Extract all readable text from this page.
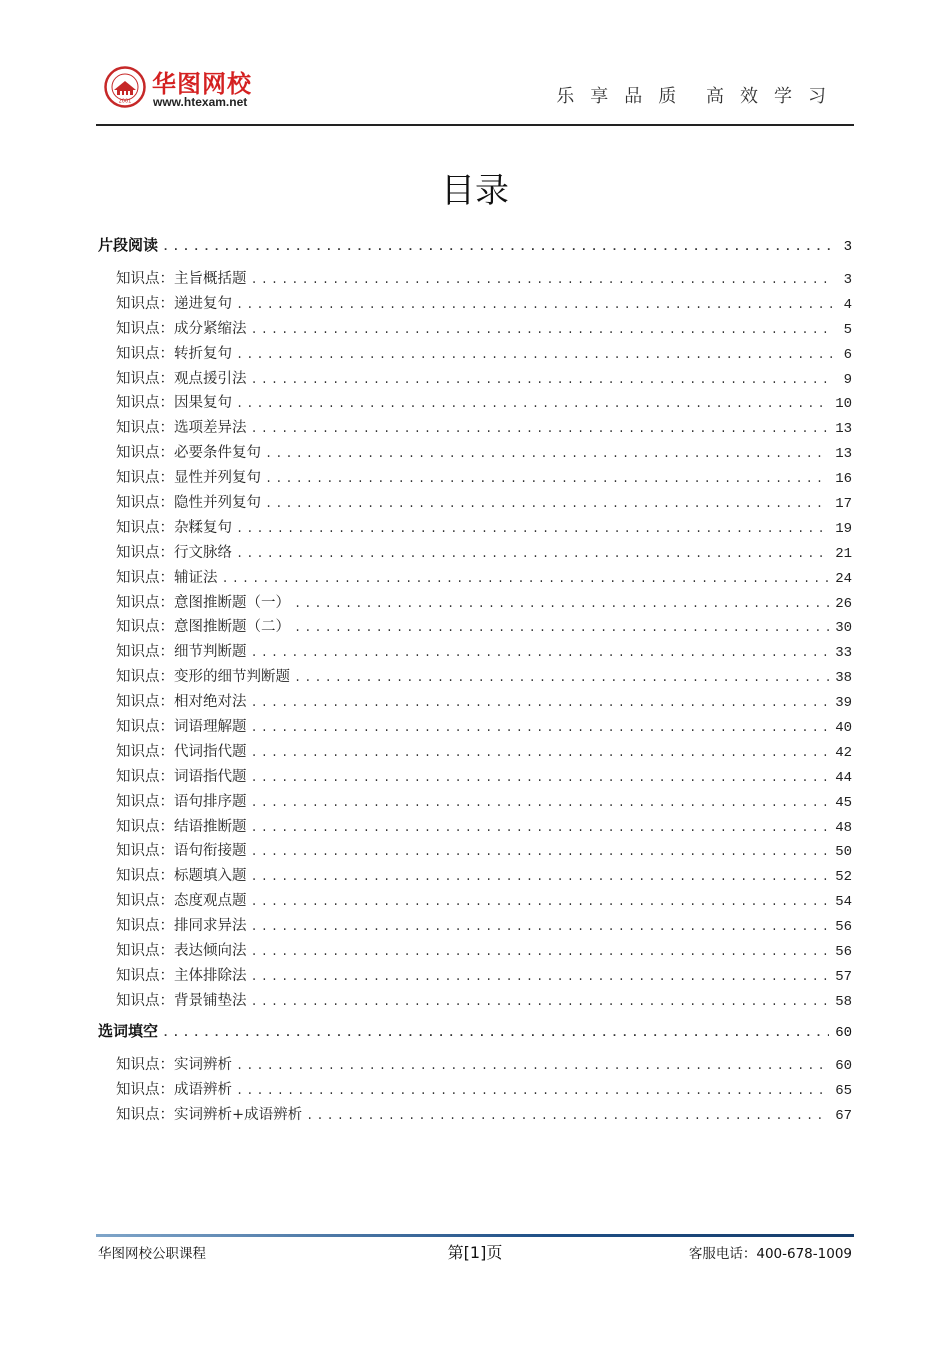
2001
华图网校
www.htexam.net	乐享品质 高效学习
目录
片段阅读 .....	3
知识点：主旨概括题 .....	3
知识点：递进复句 .....	4
知识点：成分紧缩法 .....	5
知识点：转折复句 .....	6
知识点：观点援引法 .....	9
知识点：因果复句 .....	10
知识点：选项差异法 .....	13
知识点：必要条件复句 .....	13
知识点：显性并列复句 .....	16
知识点：隐性并列复句 .....	17
知识点：杂糅复句 .....	19
知识点：行文脉络 .....	21
知识点：辅证法 .....	24
知识点：意图推断题（一） .....	26
知识点：意图推断题（二） .....	30
知识点：细节判断题 .....	33
知识点：变形的细节判断题 .....	38
知识点：相对绝对法 .....	39
知识点：词语理解题 .....	40
知识点：代词指代题 .....	42
知识点：词语指代题 .....	44
知识点：语句排序题 .....	45
知识点：结语推断题 .....	48
知识点：语句衔接题 .....	50
知识点：标题填入题 .....	52
知识点：态度观点题 .....	54
知识点：排同求异法 .....	56
知识点：表达倾向法 .....	56
知识点：主体排除法 .....	57
知识点：背景铺垫法 .....	58
选词填空 .....	60
知识点：实词辨析 .....	60
知识点：成语辨析 .....	65
知识点：实词辨析+成语辨析 .....	67
华图网校公职课程	第[1]页	客服电话：400-678-1009
